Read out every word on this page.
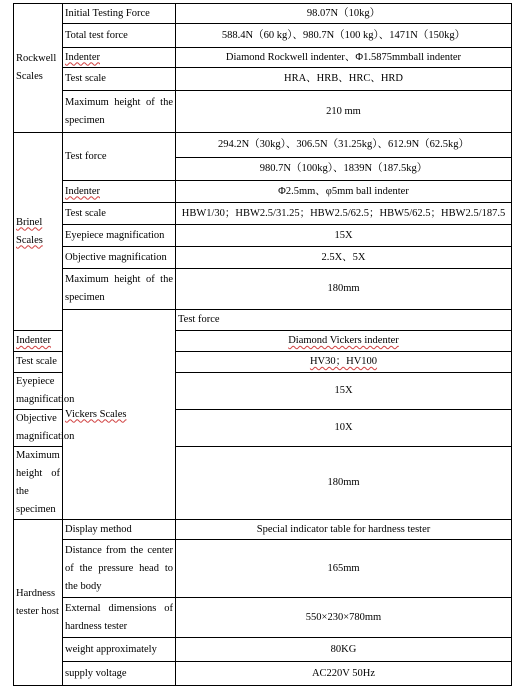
Rockwell Scales	Initial Testing Force	98.07N（10kg）	
	Total test force	588.4N（60 kg）、980.7N（100 kg）、1471N（150kg）	
	Indenter	Diamond Rockwell indenter、Φ1.5875mmball indenter	
	Test scale	HRA、HRB、HRC、HRD	
	Maximum height of the specimen	210 mm	
Brinel Scales	Test force	294.2N（30kg）、306.5N（31.25kg）、612.9N（62.5kg）	
		980.7N（100kg）、1839N（187.5kg）	
	Indenter	Φ2.5mm、φ5mm ball indenter	
	Test scale	HBW1/30；HBW2.5/31.25；HBW2.5/62.5；HBW5/62.5；HBW2.5/187.5	
	Eyepiece magnification	15X	
	Objective magnification	2.5X、5X	
	Maximum height of the specimen	180mm	
	Vickers Scales	Test force	
Indenter		Diamond Vickers indenter	
Test scale		HV30；HV100	
Eyepiece magnification		15X	
Objective magnification		10X	
Maximum height of the specimen		180mm	
Hardness tester host	Display method	Special indicator table for hardness tester	
	Distance from the center of the pressure head to the body	165mm	
	External dimensions of hardness tester	550×230×780mm	
	weight approximately	80KG	
	supply voltage	AC220V 50Hz	
